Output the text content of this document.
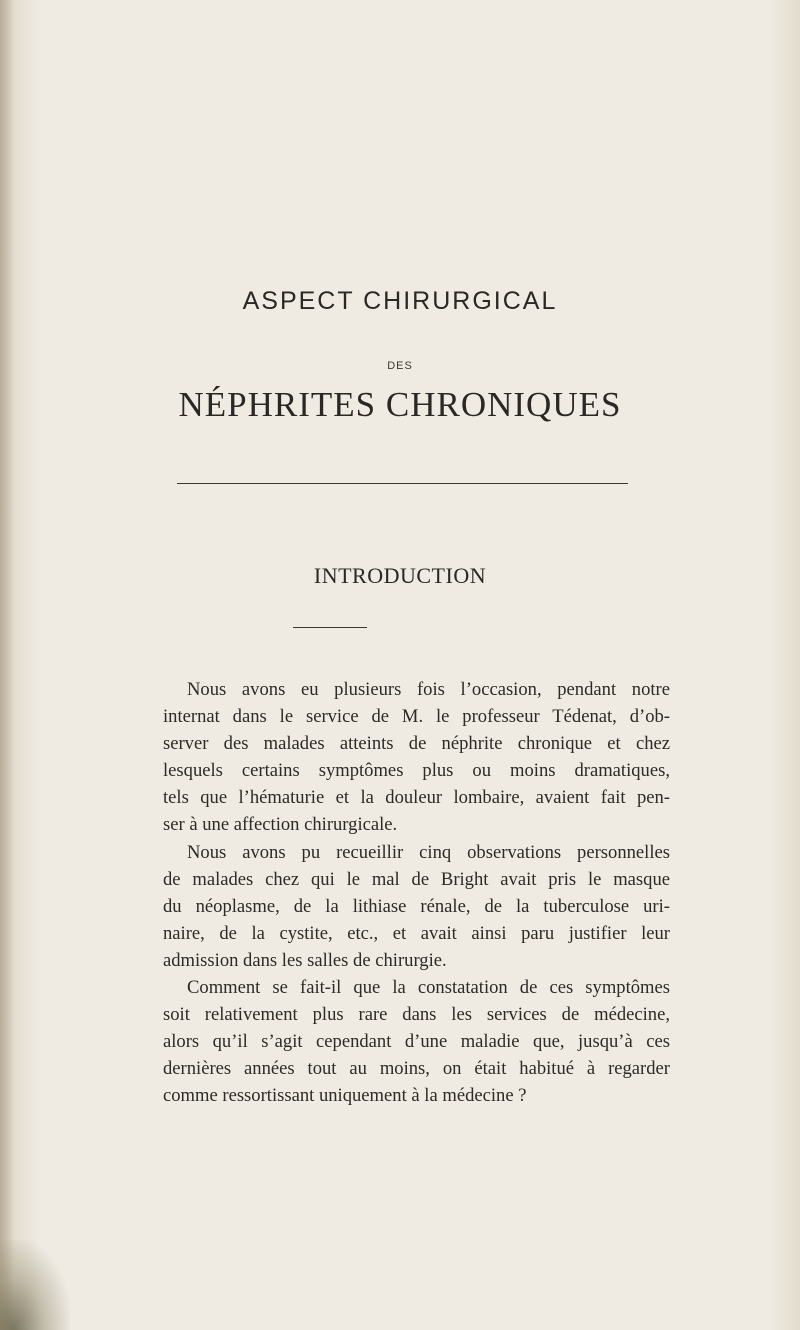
ASPECT CHIRURGICAL
DES
NÉPHRITES CHRONIQUES
INTRODUCTION
Nous avons eu plusieurs fois l’occasion, pendant notre
internat dans le service de M. le professeur Tédenat, d’ob-
server des malades atteints de néphrite chronique et chez
lesquels certains symptômes plus ou moins dramatiques,
tels que l’hématurie et la douleur lombaire, avaient fait pen-
ser à une affection chirurgicale.
Nous avons pu recueillir cinq observations personnelles
de malades chez qui le mal de Bright avait pris le masque
du néoplasme, de la lithiase rénale, de la tuberculose uri-
naire, de la cystite, etc., et avait ainsi paru justifier leur
admission dans les salles de chirurgie.
Comment se fait-il que la constatation de ces symptômes
soit relativement plus rare dans les services de médecine,
alors qu’il s’agit cependant d’une maladie que, jusqu’à ces
dernières années tout au moins, on était habitué à regarder
comme ressortissant uniquement à la médecine ?
